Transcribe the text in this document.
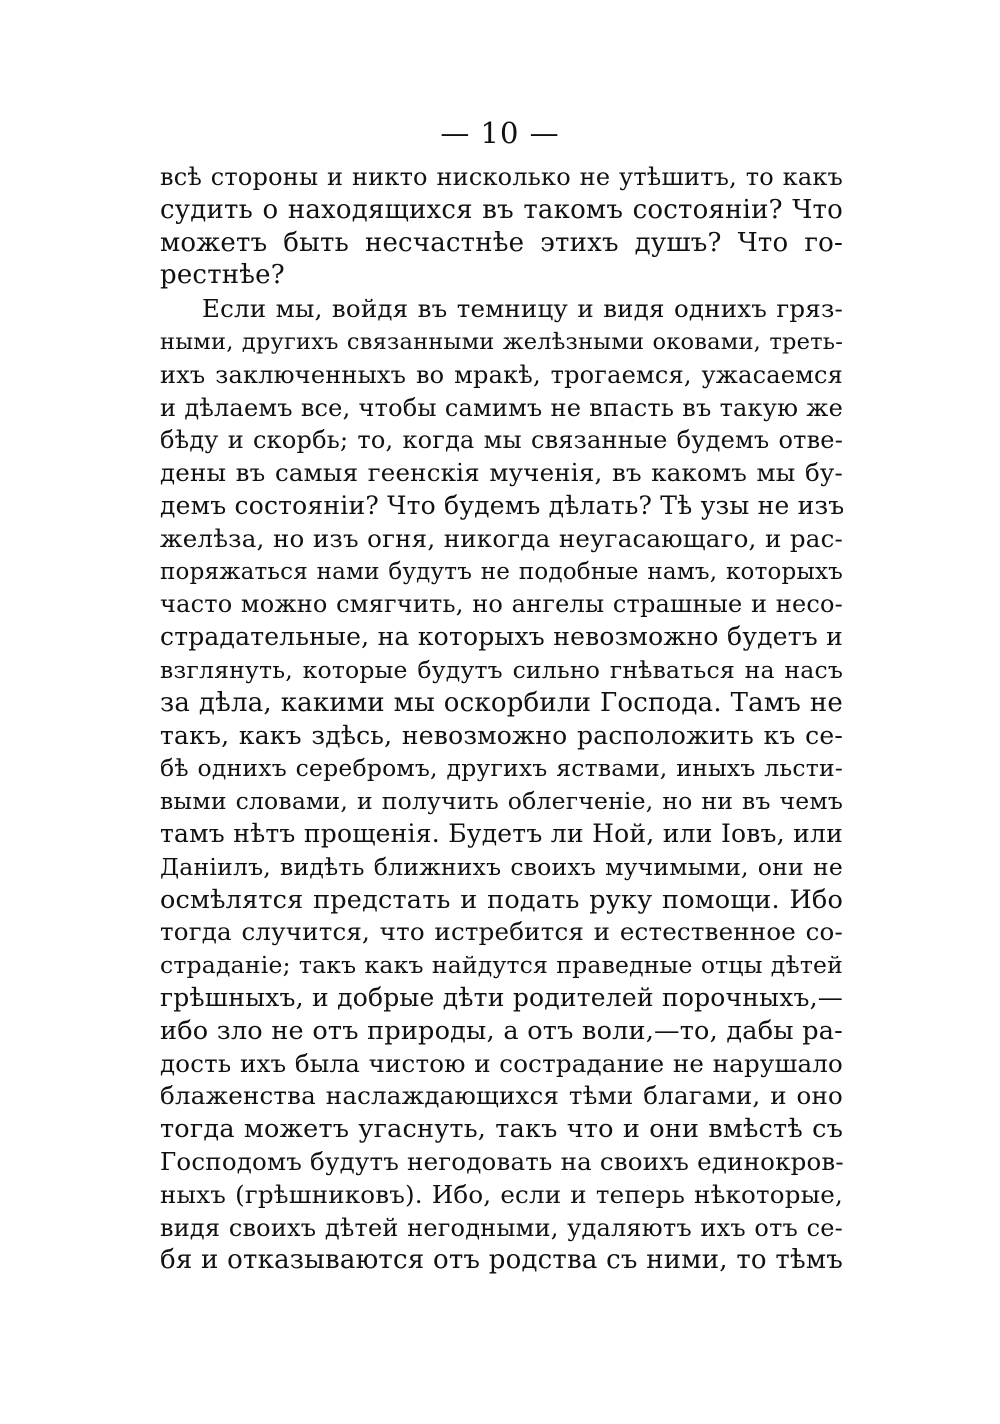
— 10 —
всѣ стороны и никто нисколько не утѣшитъ, то какъ
судить о находящихся въ такомъ состояніи? Что
можетъ быть несчастнѣе этихъ душъ? Что го-
рестнѣе?
Если мы, войдя въ темницу и видя однихъ гряз-
ными, другихъ связанными желѣзными оковами, треть-
ихъ заключенныхъ во мракѣ, трогаемся, ужасаемся
и дѣлаемъ все, чтобы самимъ не впасть въ такую же
бѣду и скорбь; то, когда мы связанные будемъ отве-
дены въ самыя геенскія мученія, въ какомъ мы бу-
демъ состояніи? Что будемъ дѣлать? Тѣ узы не изъ
желѣза, но изъ огня, никогда неугасающаго, и рас-
поряжаться нами будутъ не подобные намъ, которыхъ
часто можно смягчить, но ангелы страшные и несо-
страдательные, на которыхъ невозможно будетъ и
взглянуть, которые будутъ сильно гнѣваться на насъ
за дѣла, какими мы оскорбили Господа. Тамъ не
такъ, какъ здѣсь, невозможно расположить къ се-
бѣ однихъ серебромъ, другихъ яствами, иныхъ льсти-
выми словами, и получить облегченіе, но ни въ чемъ
тамъ нѣтъ прощенія. Будетъ ли Ной, или Іовъ, или
Даніилъ, видѣть ближнихъ своихъ мучимыми, они не
осмѣлятся предстать и подать руку помощи. Ибо
тогда случится, что истребится и естественное со-
страданіе; такъ какъ найдутся праведные отцы дѣтей
грѣшныхъ, и добрые дѣти родителей порочныхъ,—
ибо зло не отъ природы, а отъ воли,—то, дабы ра-
дость ихъ была чистою и сострадание не нарушало
блаженства наслаждающихся тѣми благами, и оно
тогда можетъ угаснуть, такъ что и они вмѣстѣ съ
Господомъ будутъ негодовать на своихъ единокров-
ныхъ (грѣшниковъ). Ибо, если и теперь нѣкоторые,
видя своихъ дѣтей негодными, удаляютъ ихъ отъ се-
бя и отказываются отъ родства съ ними, то тѣмъ
